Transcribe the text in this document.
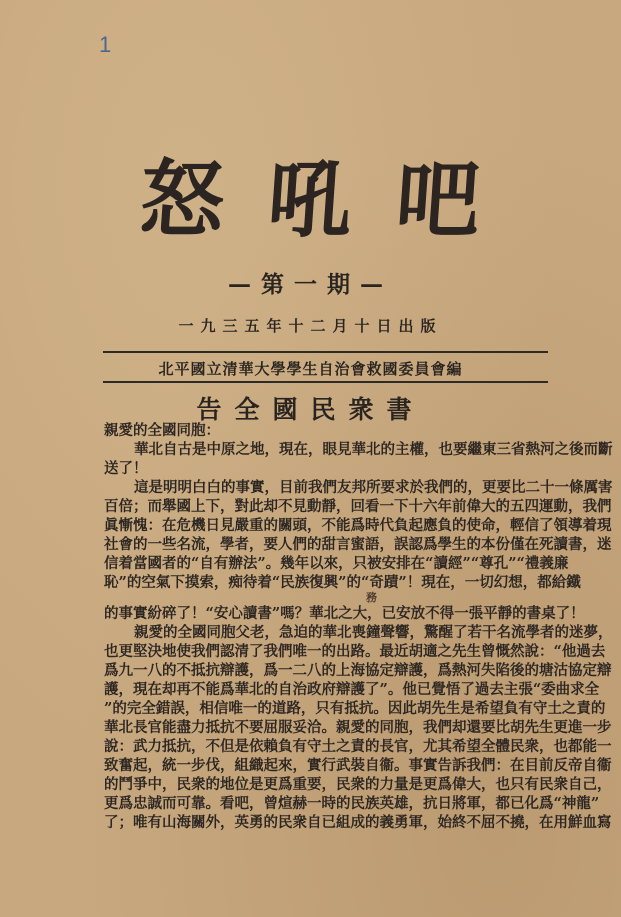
1
怒 吼 吧
—第一期—
一九三五年十二月十日出版
北平國立清華大學學生自治會救國委員會編
告全國民衆書
親愛的全國同胞：
華北自古是中原之地，現在，眼見華北的主權，也要繼東三省熱河之後而斷
送了！
這是明明白白的事實，目前我們友邦所要求於我們的，更要比二十一條厲害
百倍；而舉國上下，對此却不見動靜，回看一下十六年前偉大的五四運動，我們
眞慚愧：在危機日見嚴重的關頭，不能爲時代負起應負的使命，輕信了領導着現
社會的一些名流，學者，要人們的甜言蜜語，誤認爲學生的本份僅在死讀書，迷
信着當國者的“自有辦法”。幾年以來，只被安排在“讀經”“尊孔”“禮義廉
恥”的空氣下摸索，痴待着“民族復興”的“奇蹟”！現在，一切幻想，都給鐵
的事實紛碎了！“安心讀書”嗎？華北之大，已安放不得一張平靜的書桌了！
親愛的全國同胞父老，急迫的華北喪鐘聲響，驚醒了若干名流學者的迷夢，
也更堅決地使我們認清了我們唯一的出路。最近胡適之先生曾慨然說：“他過去
爲九一八的不抵抗辯護，爲一二八的上海協定辯護，爲熱河失陷後的塘沽協定辯
護，現在却再不能爲華北的自治政府辯護了”。他已覺悟了過去主張“委曲求全
”的完全錯誤，相信唯一的道路，只有抵抗。因此胡先生是希望負有守土之責的
華北長官能盡力抵抗不要屈服妥洽。親愛的同胞，我們却還要比胡先生更進一步
說：武力抵抗，不但是依賴負有守土之責的長官，尤其希望全體民衆，也都能一
致奮起，統一步伐，組織起來，實行武裝自衞。事實告訴我們：在目前反帝自衞
的鬥爭中，民衆的地位是更爲重要，民衆的力量是更爲偉大，也只有民衆自己，
更爲忠誠而可靠。看吧，曾煊赫一時的民族英雄，抗日將軍，都已化爲“神龍”
了；唯有山海關外，英勇的民衆自已組成的義勇軍，始終不屈不撓，在用鮮血寫
務
